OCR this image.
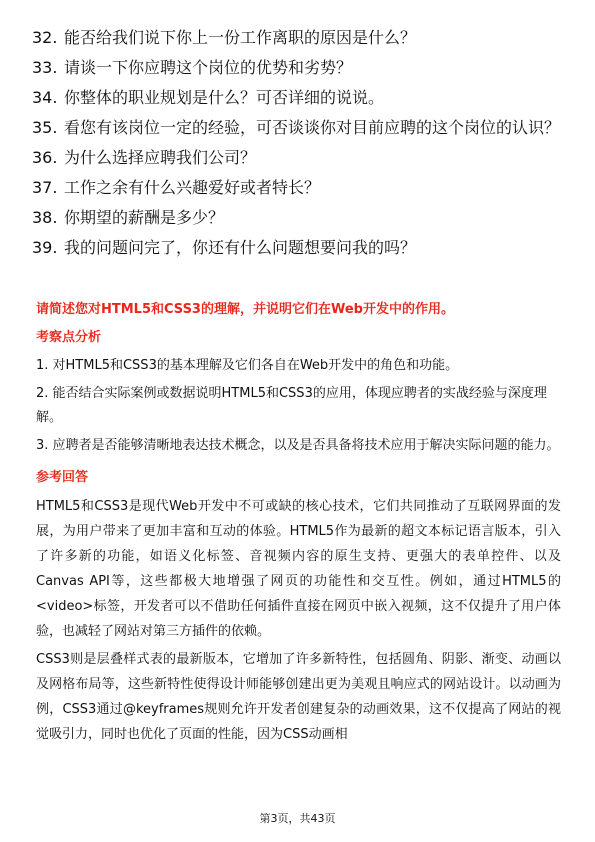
32. 能否给我们说下你上一份工作离职的原因是什么？
33. 请谈一下你应聘这个岗位的优势和劣势？
34. 你整体的职业规划是什么？可否详细的说说。
35. 看您有该岗位一定的经验，可否谈谈你对目前应聘的这个岗位的认识？
36. 为什么选择应聘我们公司？
37. 工作之余有什么兴趣爱好或者特长？
38. 你期望的薪酬是多少？
39. 我的问题问完了，你还有什么问题想要问我的吗？

请简述您对HTML5和CSS3的理解，并说明它们在Web开发中的作用。

考察点分析

1. 对HTML5和CSS3的基本理解及它们各自在Web开发中的角色和功能。

2. 能否结合实际案例或数据说明HTML5和CSS3的应用，体现应聘者的实战经验与深度理解。

3. 应聘者是否能够清晰地表达技术概念，以及是否具备将技术应用于解决实际问题的能力。

参考回答

HTML5和CSS3是现代Web开发中不可或缺的核心技术，它们共同推动了互联网界面的发展，为用户带来了更加丰富和互动的体验。HTML5作为最新的超文本标记语言版本，引入了许多新的功能，如语义化标签、音视频内容的原生支持、更强大的表单控件、以及Canvas API等，这些都极大地增强了网页的功能性和交互性。例如，通过HTML5的<video>标签，开发者可以不借助任何插件直接在网页中嵌入视频，这不仅提升了用户体验，也减轻了网站对第三方插件的依赖。

CSS3则是层叠样式表的最新版本，它增加了许多新特性，包括圆角、阴影、渐变、动画以及网格布局等，这些新特性使得设计师能够创建出更为美观且响应式的网站设计。以动画为例，CSS3通过@keyframes规则允许开发者创建复杂的动画效果，这不仅提高了网站的视觉吸引力，同时也优化了页面的性能，因为CSS动画相

第3页，共43页
